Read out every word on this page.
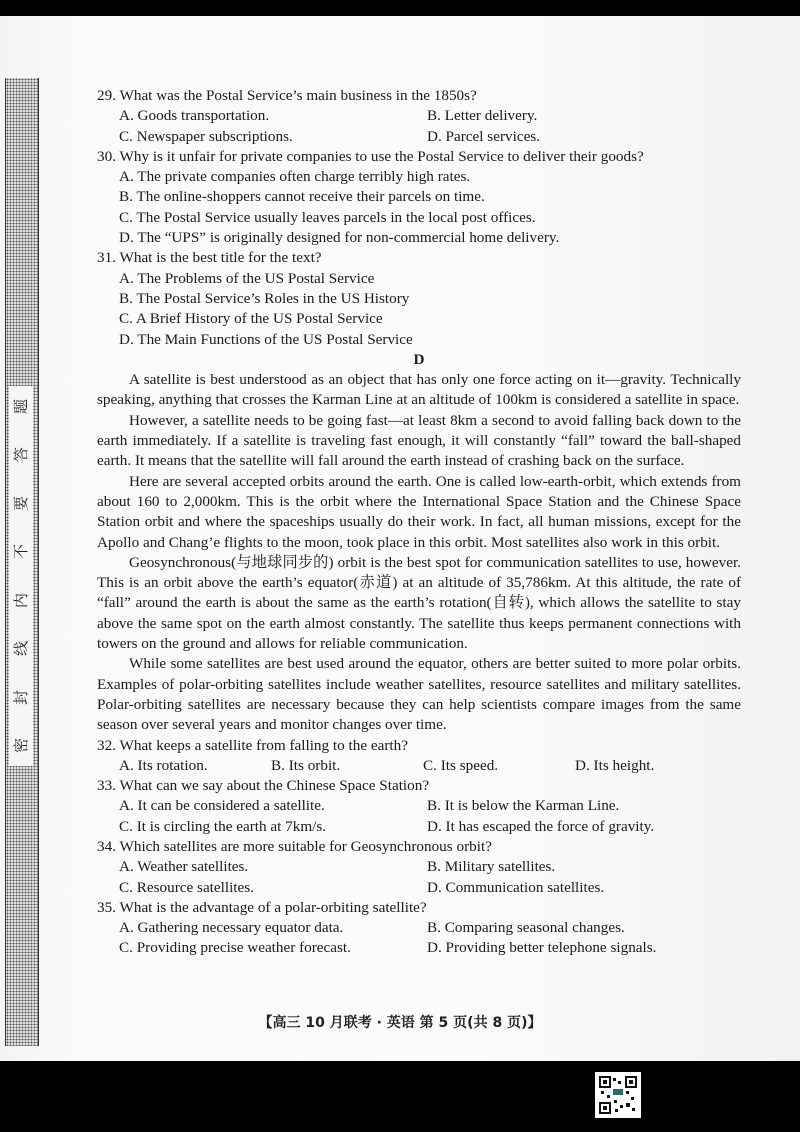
题
答
要
不
内
线
封
密

29. What was the Postal Service’s main business in the 1850s?

A. Goods transportation.	B. Letter delivery.
C. Newspaper subscriptions.	D. Parcel services.

30. Why is it unfair for private companies to use the Postal Service to deliver their goods?

A. The private companies often charge terribly high rates.
B. The online-shoppers cannot receive their parcels on time.
C. The Postal Service usually leaves parcels in the local post offices.
D. The “UPS” is originally designed for non-commercial home delivery.

31. What is the best title for the text?

A. The Problems of the US Postal Service
B. The Postal Service’s Roles in the US History
C. A Brief History of the US Postal Service
D. The Main Functions of the US Postal Service

D

A satellite is best understood as an object that has only one force acting on it—gravity. Technically speaking, anything that crosses the Karman Line at an altitude of 100km is considered a satellite in space.

However, a satellite needs to be going fast—at least 8km a second to avoid falling back down to the earth immediately. If a satellite is traveling fast enough, it will constantly “fall” toward the ball-shaped earth. It means that the satellite will fall around the earth instead of crashing back on the surface.

Here are several accepted orbits around the earth. One is called low-earth-orbit, which extends from about 160 to 2,000km. This is the orbit where the International Space Station and the Chinese Space Station orbit and where the spaceships usually do their work. In fact, all human missions, except for the Apollo and Chang’e flights to the moon, took place in this orbit. Most satellites also work in this orbit.

Geosynchronous(与地球同步的) orbit is the best spot for communication satellites to use, however. This is an orbit above the earth’s equator(赤道) at an altitude of 35,786km. At this altitude, the rate of “fall” around the earth is about the same as the earth’s rotation(自转), which allows the satellite to stay above the same spot on the earth almost constantly. The satellite thus keeps permanent connections with towers on the ground and allows for reliable communication.

While some satellites are best used around the equator, others are better suited to more polar orbits. Examples of polar-orbiting satellites include weather satellites, resource satellites and military satellites. Polar-orbiting satellites are necessary because they can help scientists compare images from the same season over several years and monitor changes over time.

32. What keeps a satellite from falling to the earth?

A. Its rotation.	B. Its orbit.	C. Its speed.	D. Its height.

33. What can we say about the Chinese Space Station?

A. It can be considered a satellite.	B. It is below the Karman Line.
C. It is circling the earth at 7km/s.	D. It has escaped the force of gravity.

34. Which satellites are more suitable for Geosynchronous orbit?

A. Weather satellites.	B. Military satellites.
C. Resource satellites.	D. Communication satellites.

35. What is the advantage of a polar-orbiting satellite?

A. Gathering necessary equator data.	B. Comparing seasonal changes.
C. Providing precise weather forecast.	D. Providing better telephone signals.
【高三 10 月联考 · 英语 第 5 页(共 8 页)】
